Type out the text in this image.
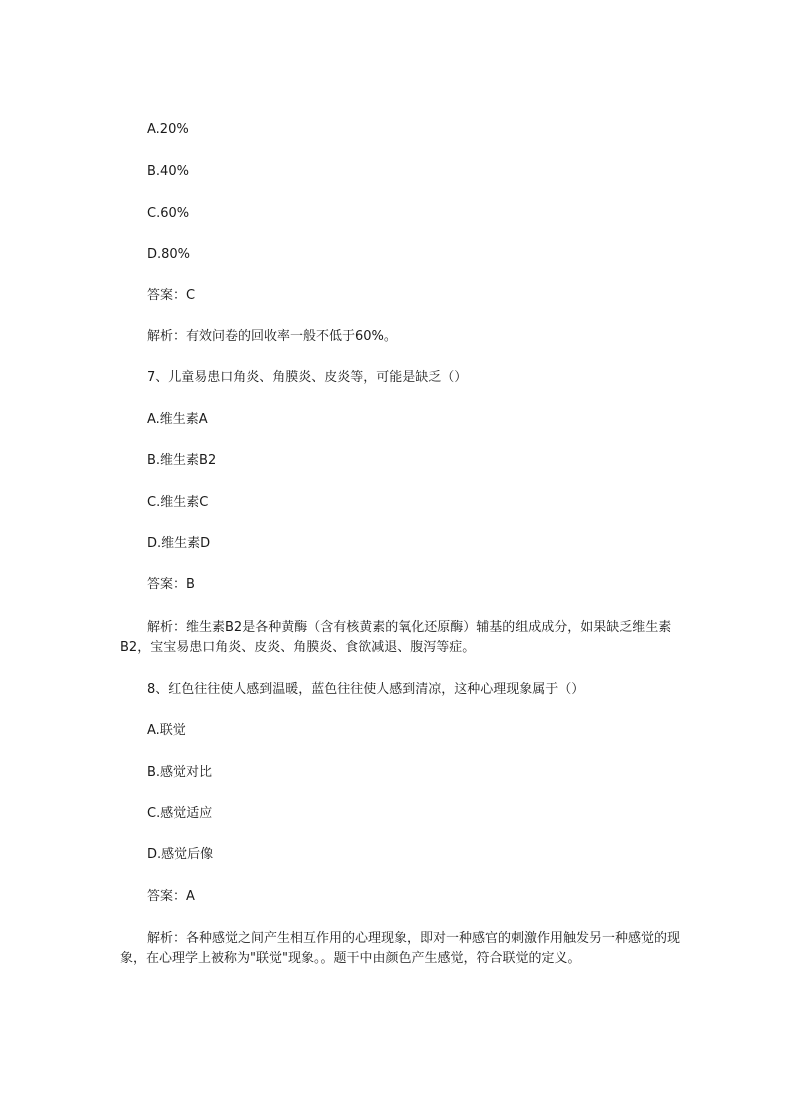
A.20%
B.40%
C.60%
D.80%
答案：C
解析：有效问卷的回收率一般不低于60%。
7、儿童易患口角炎、角膜炎、皮炎等，可能是缺乏（）
A.维生素A
B.维生素B2
C.维生素C
D.维生素D
答案：B
解析：维生素B2是各种黄酶（含有核黄素的氧化还原酶）辅基的组成成分，如果缺乏维生素B2，宝宝易患口角炎、皮炎、角膜炎、食欲减退、腹泻等症。
8、红色往往使人感到温暖，蓝色往往使人感到清凉，这种心理现象属于（）
A.联觉
B.感觉对比
C.感觉适应
D.感觉后像
答案：A
解析：各种感觉之间产生相互作用的心理现象，即对一种感官的刺激作用触发另一种感觉的现象，在心理学上被称为"联觉"现象。。题干中由颜色产生感觉，符合联觉的定义。
